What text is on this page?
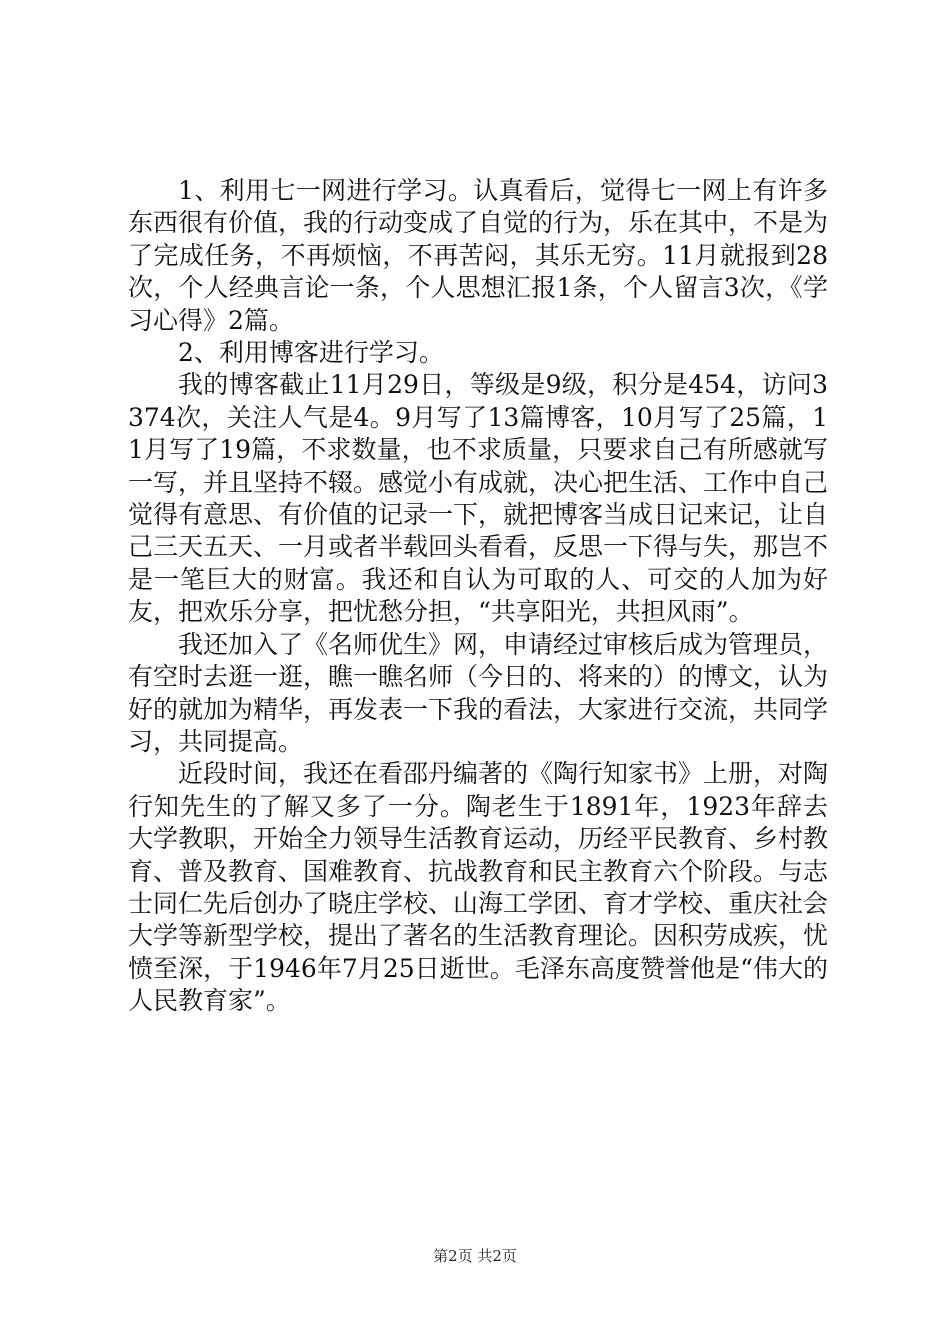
1、利用七一网进行学习。认真看后，觉得七一网上有许多东西很有价值，我的行动变成了自觉的行为，乐在其中，不是为了完成任务，不再烦恼，不再苦闷，其乐无穷。11月就报到28次，个人经典言论一条，个人思想汇报1条，个人留言3次，《学习心得》2篇。

2、利用博客进行学习。

我的博客截止11月29日，等级是9级，积分是454，访问3374次，关注人气是4。9月写了13篇博客，10月写了25篇，11月写了19篇，不求数量，也不求质量，只要求自己有所感就写一写，并且坚持不辍。感觉小有成就，决心把生活、工作中自己觉得有意思、有价值的记录一下，就把博客当成日记来记，让自己三天五天、一月或者半载回头看看，反思一下得与失，那岂不是一笔巨大的财富。我还和自认为可取的人、可交的人加为好友，把欢乐分享，把忧愁分担，“共享阳光，共担风雨”。

我还加入了《名师优生》网，申请经过审核后成为管理员，有空时去逛一逛，瞧一瞧名师（今日的、将来的）的博文，认为好的就加为精华，再发表一下我的看法，大家进行交流，共同学习，共同提高。

近段时间，我还在看邵丹编著的《陶行知家书》上册，对陶行知先生的了解又多了一分。陶老生于1891年，1923年辞去大学教职，开始全力领导生活教育运动，历经平民教育、乡村教育、普及教育、国难教育、抗战教育和民主教育六个阶段。与志士同仁先后创办了晓庄学校、山海工学团、育才学校、重庆社会大学等新型学校，提出了著名的生活教育理论。因积劳成疾，忧愤至深，于1946年7月25日逝世。毛泽东高度赞誉他是“伟大的人民教育家”。

第2页 共2页
